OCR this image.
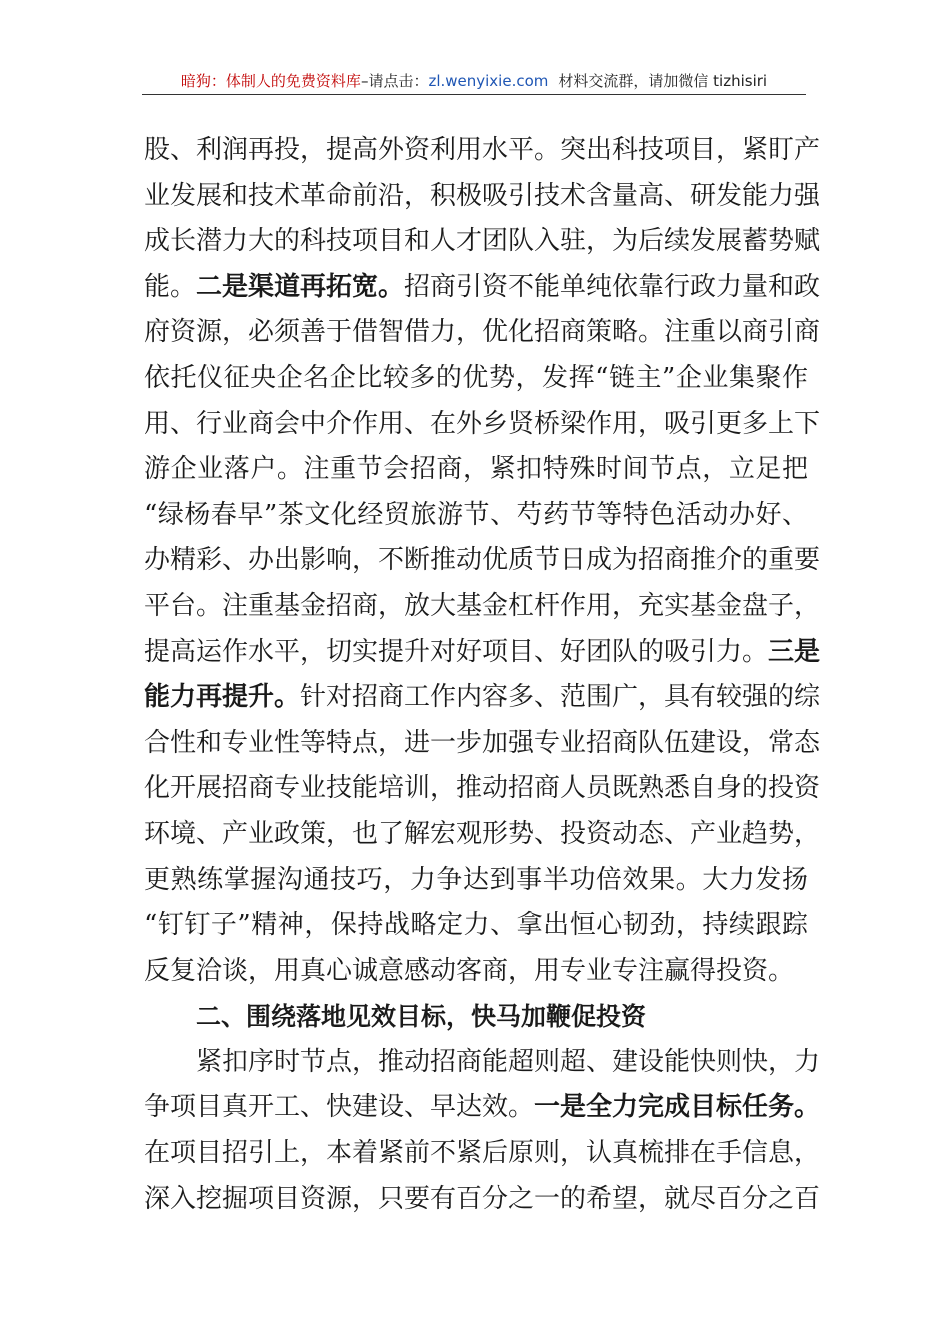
暗狗：体制人的免费资料库–请点击：zl.wenyixie.com 材料交流群，请加微信 tizhisiri
股、利润再投，提高外资利用水平。突出科技项目，紧盯产
业发展和技术革命前沿，积极吸引技术含量高、研发能力强
成长潜力大的科技项目和人才团队入驻，为后续发展蓄势赋
能。二是渠道再拓宽。招商引资不能单纯依靠行政力量和政
府资源，必须善于借智借力，优化招商策略。注重以商引商
依托仪征央企名企比较多的优势，发挥“链主”企业集聚作
用、行业商会中介作用、在外乡贤桥梁作用，吸引更多上下
游企业落户。注重节会招商，紧扣特殊时间节点，立足把
“绿杨春早”茶文化经贸旅游节、芍药节等特色活动办好、
办精彩、办出影响，不断推动优质节日成为招商推介的重要
平台。注重基金招商，放大基金杠杆作用，充实基金盘子，
提高运作水平，切实提升对好项目、好团队的吸引力。三是
能力再提升。针对招商工作内容多、范围广，具有较强的综
合性和专业性等特点，进一步加强专业招商队伍建设，常态
化开展招商专业技能培训，推动招商人员既熟悉自身的投资
环境、产业政策，也了解宏观形势、投资动态、产业趋势，
更熟练掌握沟通技巧，力争达到事半功倍效果。大力发扬
“钉钉子”精神，保持战略定力、拿出恒心韧劲，持续跟踪
反复洽谈，用真心诚意感动客商，用专业专注赢得投资。
二、围绕落地见效目标，快马加鞭促投资
紧扣序时节点，推动招商能超则超、建设能快则快，力
争项目真开工、快建设、早达效。一是全力完成目标任务。
在项目招引上，本着紧前不紧后原则，认真梳排在手信息，
深入挖掘项目资源，只要有百分之一的希望，就尽百分之百
